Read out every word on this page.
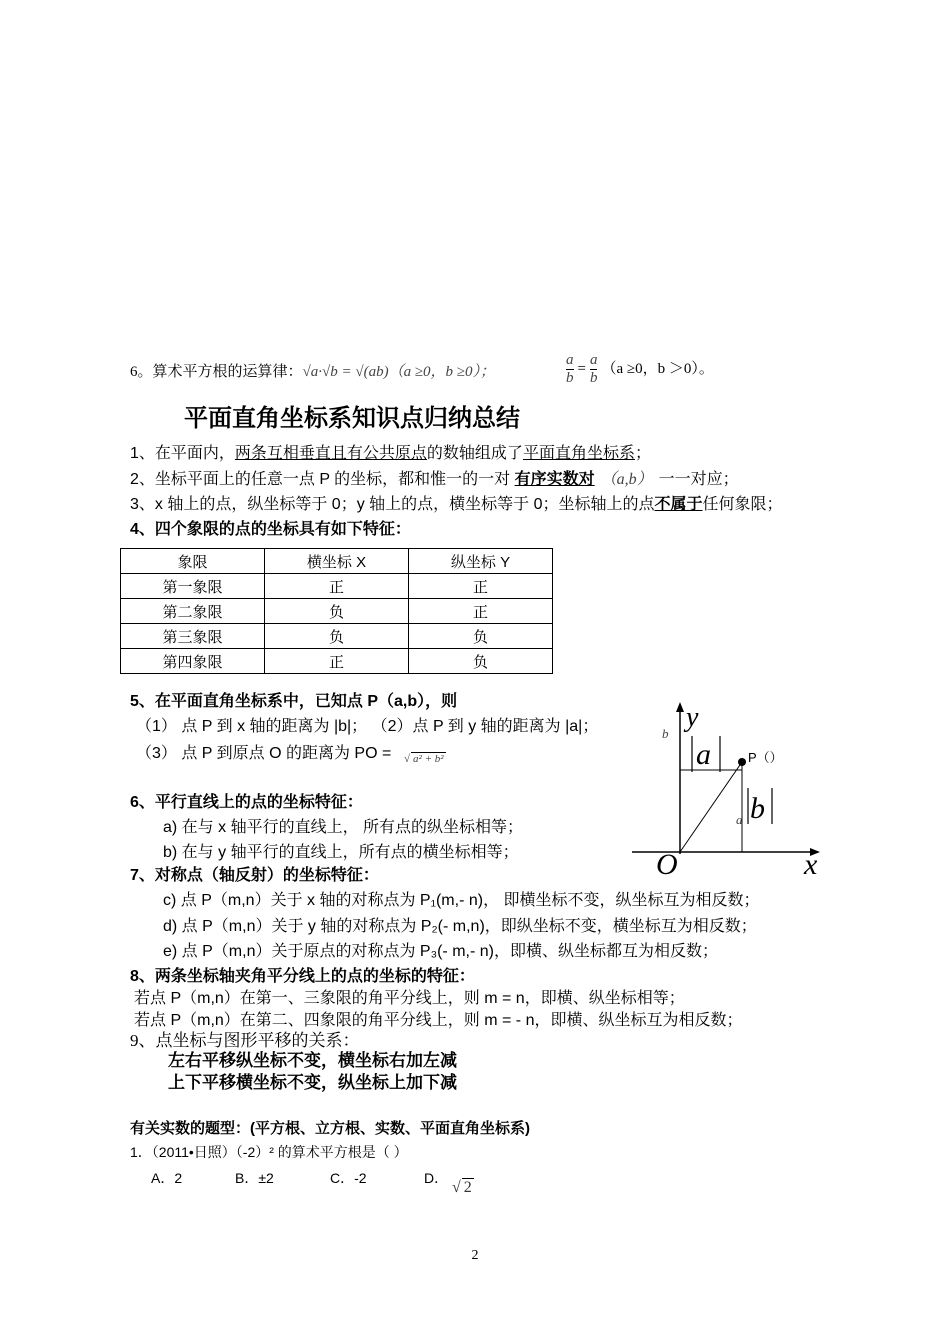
6。算术平方根的运算律：√a·√b = √(ab)（a ≥0，b ≥0）；	$\frac{a}{b} = \frac{a}{b} (a \ge 0$，b ＞0）。
平面直角坐标系知识点归纳总结
1、在平面内，两条互相垂直且有公共原点的数轴组成了平面直角坐标系；
2、坐标平面上的任意一点 P 的坐标，都和惟一的一对 有序实数对 （a,b） 一一对应；
3、x 轴上的点，纵坐标等于 0；y 轴上的点，横坐标等于 0；坐标轴上的点不属于任何象限；
4、四个象限的点的坐标具有如下特征：
象限	横坐标 X	纵坐标 Y
第一象限	正	正
第二象限	负	正
第三象限	负	负
第四象限	正	负
5、在平面直角坐标系中，已知点 P（a,b），则
（1） 点 P 到 x 轴的距离为 |b|； （2）点 P 到 y 轴的距离为 |a|；
（3） 点 P 到原点 O 的距离为 PO = √ a² + b²
6、平行直线上的点的坐标特征：
a) 在与 x 轴平行的直线上， 所有点的纵坐标相等；
b) 在与 y 轴平行的直线上，所有点的横坐标相等；
7、对称点（轴反射）的坐标特征：
c) 点 P（m,n）关于 x 轴的对称点为 P₁(m,- n)， 即横坐标不变，纵坐标互为相反数；
d) 点 P（m,n）关于 y 轴的对称点为 P₂(- m,n)，即纵坐标不变，横坐标互为相反数；
e) 点 P（m,n）关于原点的对称点为 P₃(- m,- n)，即横、纵坐标都互为相反数；
8、两条坐标轴夹角平分线上的点的坐标的特征：
若点 P（m,n）在第一、三象限的角平分线上，则 m = n，即横、纵坐标相等；
若点 P（m,n）在第二、四象限的角平分线上，则 m = - n，即横、纵坐标互为相反数；
9、点坐标与图形平移的关系：
左右平移纵坐标不变，横坐标右加左减
上下平移横坐标不变，纵坐标上加下减
有关实数的题型：(平方根、立方根、实数、平面直角坐标系)
1．（2011•日照）（-2）² 的算术平方根是（ ）
A．2	B．±2	C．-2	D．
√ 2
y
x
O
b
a
a
b
P（）
2
